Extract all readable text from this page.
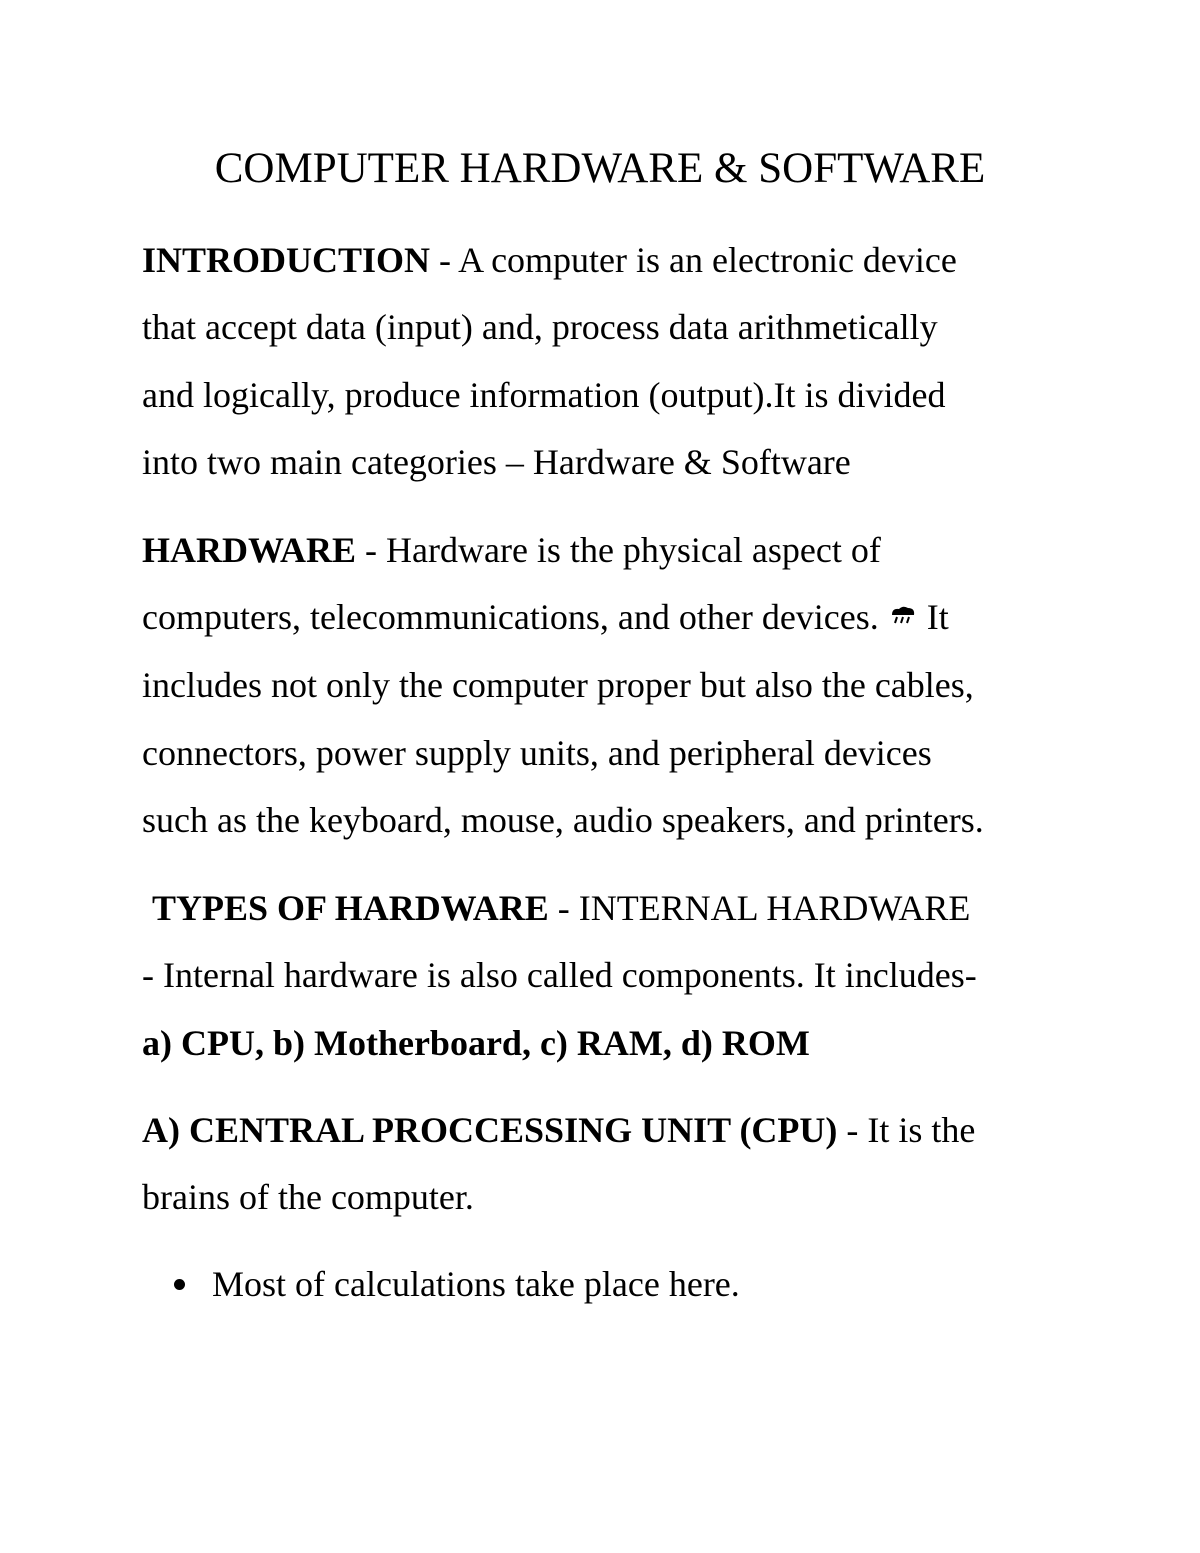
COMPUTER HARDWARE & SOFTWARE
INTRODUCTION - A computer is an electronic device
that accept data (input) and, process data arithmetically
and logically, produce information (output).It is divided
into two main categories – Hardware & Software
HARDWARE - Hardware is the physical aspect of
computers, telecommunications, and other devices.  It
includes not only the computer proper but also the cables,
connectors, power supply units, and peripheral devices
such as the keyboard, mouse, audio speakers, and printers.
TYPES OF HARDWARE - INTERNAL HARDWARE
- Internal hardware is also called components. It includes-
a) CPU, b) Motherboard, c) RAM, d) ROM
A) CENTRAL PROCCESSING UNIT (CPU) - It is the
brains of the computer.
Most of calculations take place here.
